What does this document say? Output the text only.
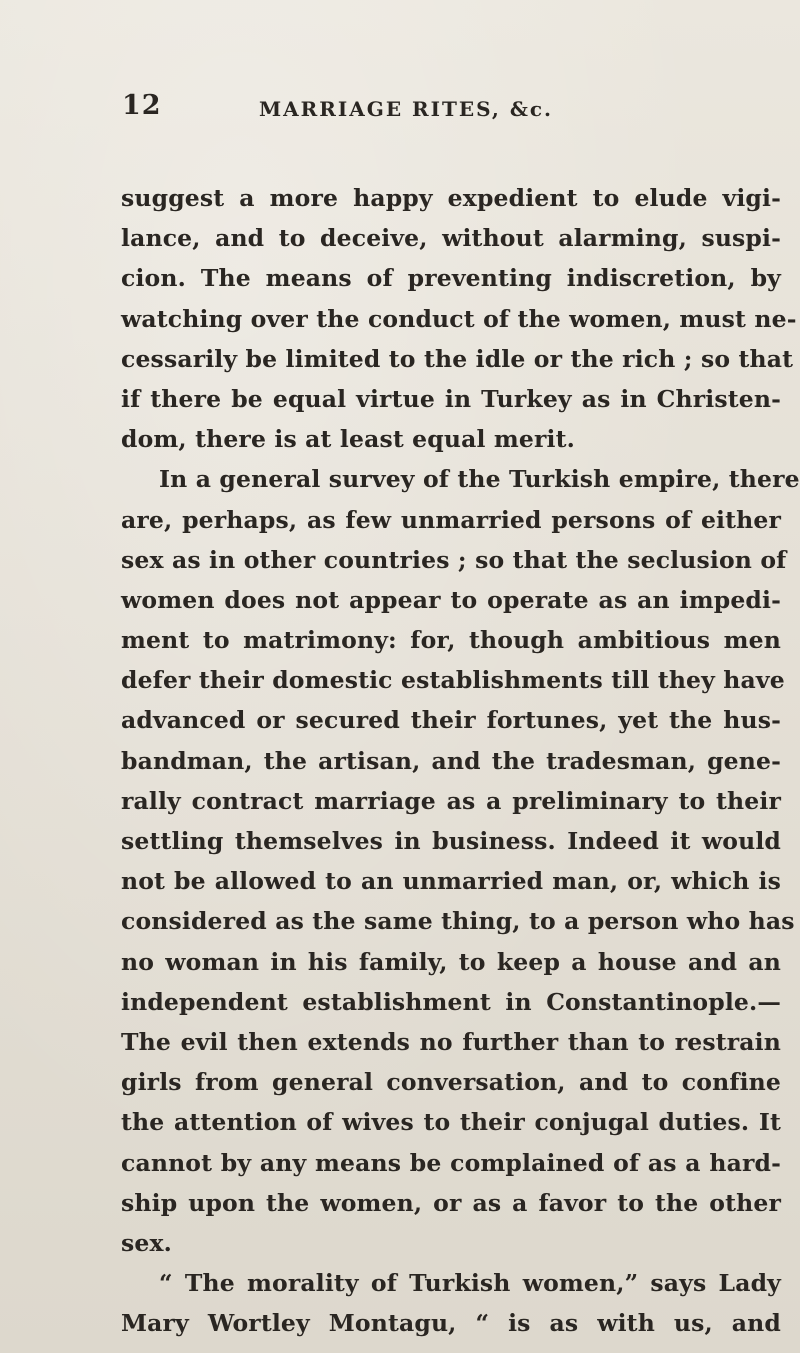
12	MARRIAGE RITES, &c.
suggest a more happy expedient to elude vigi-
lance, and to deceive, without alarming, suspi-
cion. The means of preventing indiscretion, by
watching over the conduct of the women, must ne-
cessarily be limited to the idle or the rich ; so that
if there be equal virtue in Turkey as in Christen-
dom, there is at least equal merit.
In a general survey of the Turkish empire, there
are, perhaps, as few unmarried persons of either
sex as in other countries ; so that the seclusion of
women does not appear to operate as an impedi-
ment to matrimony: for, though ambitious men
defer their domestic establishments till they have
advanced or secured their fortunes, yet the hus-
bandman, the artisan, and the tradesman, gene-
rally contract marriage as a preliminary to their
settling themselves in business. Indeed it would
not be allowed to an unmarried man, or, which is
considered as the same thing, to a person who has
no woman in his family, to keep a house and an
independent establishment in Constantinople.—
The evil then extends no further than to restrain
girls from general conversation, and to confine
the attention of wives to their conjugal duties. It
cannot by any means be complained of as a hard-
ship upon the women, or as a favor to the other
sex.
“ The morality of Turkish women,” says Lady
Mary Wortley Montagu, “ is as with us, and
